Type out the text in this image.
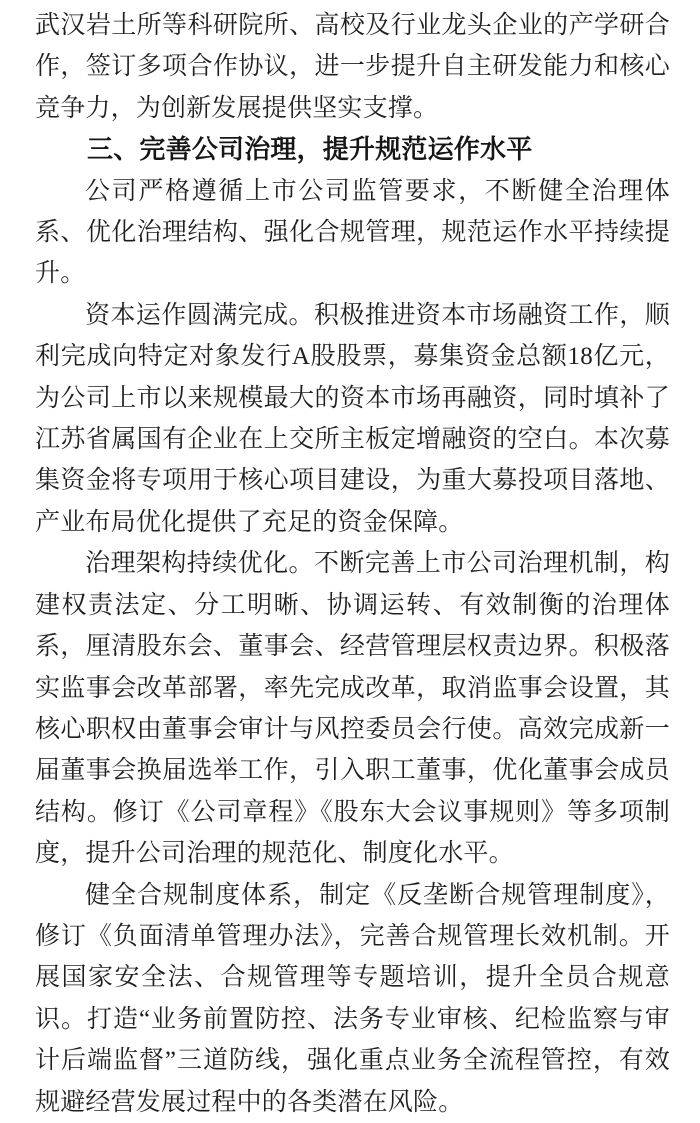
武汉岩土所等科研院所、高校及行业龙头企业的产学研合作，签订多项合作协议，进一步提升自主研发能力和核心竞争力，为创新发展提供坚实支撑。

三、完善公司治理，提升规范运作水平

公司严格遵循上市公司监管要求，不断健全治理体系、优化治理结构、强化合规管理，规范运作水平持续提升。

资本运作圆满完成。积极推进资本市场融资工作，顺利完成向特定对象发行A股股票，募集资金总额18亿元，为公司上市以来规模最大的资本市场再融资，同时填补了江苏省属国有企业在上交所主板定增融资的空白。本次募集资金将专项用于核心项目建设，为重大募投项目落地、产业布局优化提供了充足的资金保障。

治理架构持续优化。不断完善上市公司治理机制，构建权责法定、分工明晰、协调运转、有效制衡的治理体系，厘清股东会、董事会、经营管理层权责边界。积极落实监事会改革部署，率先完成改革，取消监事会设置，其核心职权由董事会审计与风控委员会行使。高效完成新一届董事会换届选举工作，引入职工董事，优化董事会成员结构。修订《公司章程》《股东大会议事规则》等多项制度，提升公司治理的规范化、制度化水平。

健全合规制度体系，制定《反垄断合规管理制度》，修订《负面清单管理办法》，完善合规管理长效机制。开展国家安全法、合规管理等专题培训，提升全员合规意识。打造“业务前置防控、法务专业审核、纪检监察与审计后端监督”三道防线，强化重点业务全流程管控，有效规避经营发展过程中的各类潜在风险。
